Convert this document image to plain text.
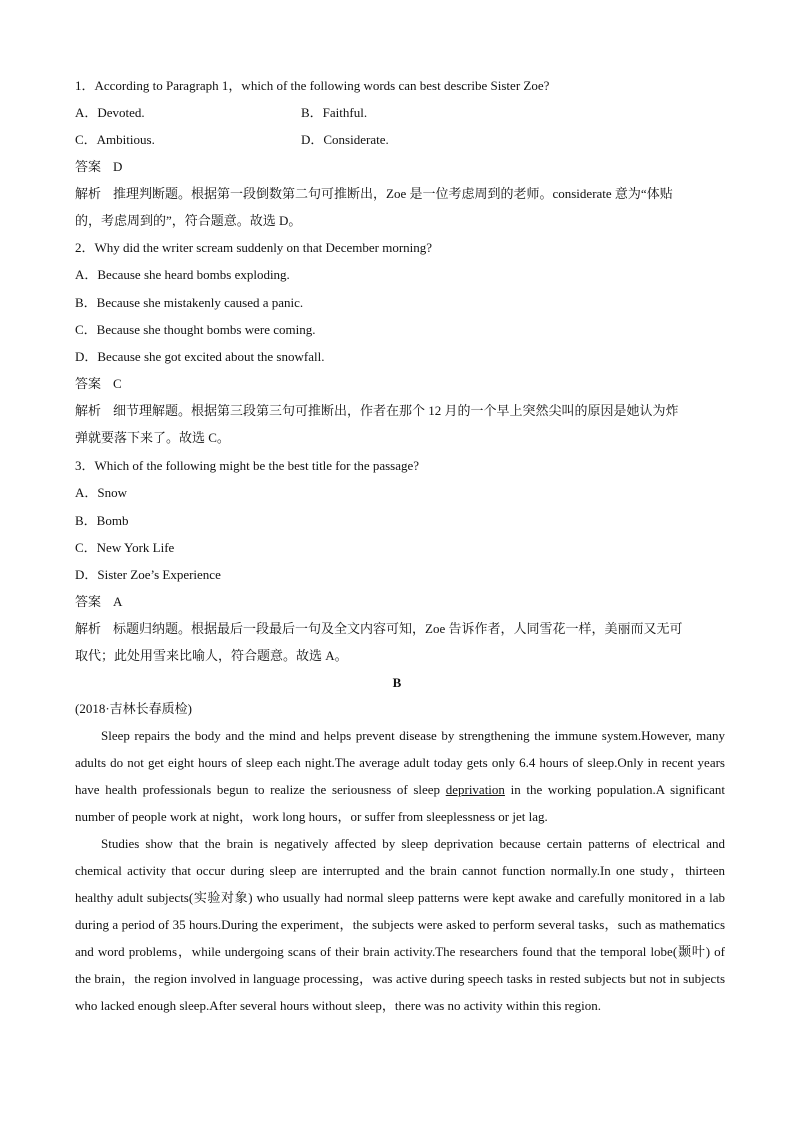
1．According to Paragraph 1，which of the following words can best describe Sister Zoe?
A．Devoted.	B．Faithful.
C．Ambitious.	D．Considerate.
答案 D
解析 推理判断题。根据第一段倒数第二句可推断出，Zoe 是一位考虑周到的老师。considerate 意为“体贴
的，考虑周到的”，符合题意。故选 D。
2．Why did the writer scream suddenly on that December morning?
A．Because she heard bombs exploding.
B．Because she mistakenly caused a panic.
C．Because she thought bombs were coming.
D．Because she got excited about the snowfall.
答案 C
解析 细节理解题。根据第三段第三句可推断出，作者在那个 12 月的一个早上突然尖叫的原因是她认为炸
弹就要落下来了。故选 C。
3．Which of the following might be the best title for the passage?
A．Snow
B．Bomb
C．New York Life
D．Sister Zoe’s Experience
答案 A
解析 标题归纳题。根据最后一段最后一句及全文内容可知，Zoe 告诉作者，人同雪花一样，美丽而又无可
取代；此处用雪来比喻人，符合题意。故选 A。
B
(2018·吉林长春质检)
Sleep repairs the body and the mind and helps prevent disease by strengthening the immune system.However, many adults do not get eight hours of sleep each night.The average adult today gets only 6.4 hours of sleep.Only in recent years have health professionals begun to realize the seriousness of sleep deprivation in the working population.A significant number of people work at night，work long hours，or suffer from sleeplessness or jet lag.
Studies show that the brain is negatively affected by sleep deprivation because certain patterns of electrical and chemical activity that occur during sleep are interrupted and the brain cannot function normally.In one study，thirteen healthy adult subjects(实验对象) who usually had normal sleep patterns were kept awake and carefully monitored in a lab during a period of 35 hours.During the experiment，the subjects were asked to perform several tasks，such as mathematics and word problems，while undergoing scans of their brain activity.The researchers found that the temporal lobe(颞叶) of the brain，the region involved in language processing，was active during speech tasks in rested subjects but not in subjects who lacked enough sleep.After several hours without sleep，there was no activity within this region.
